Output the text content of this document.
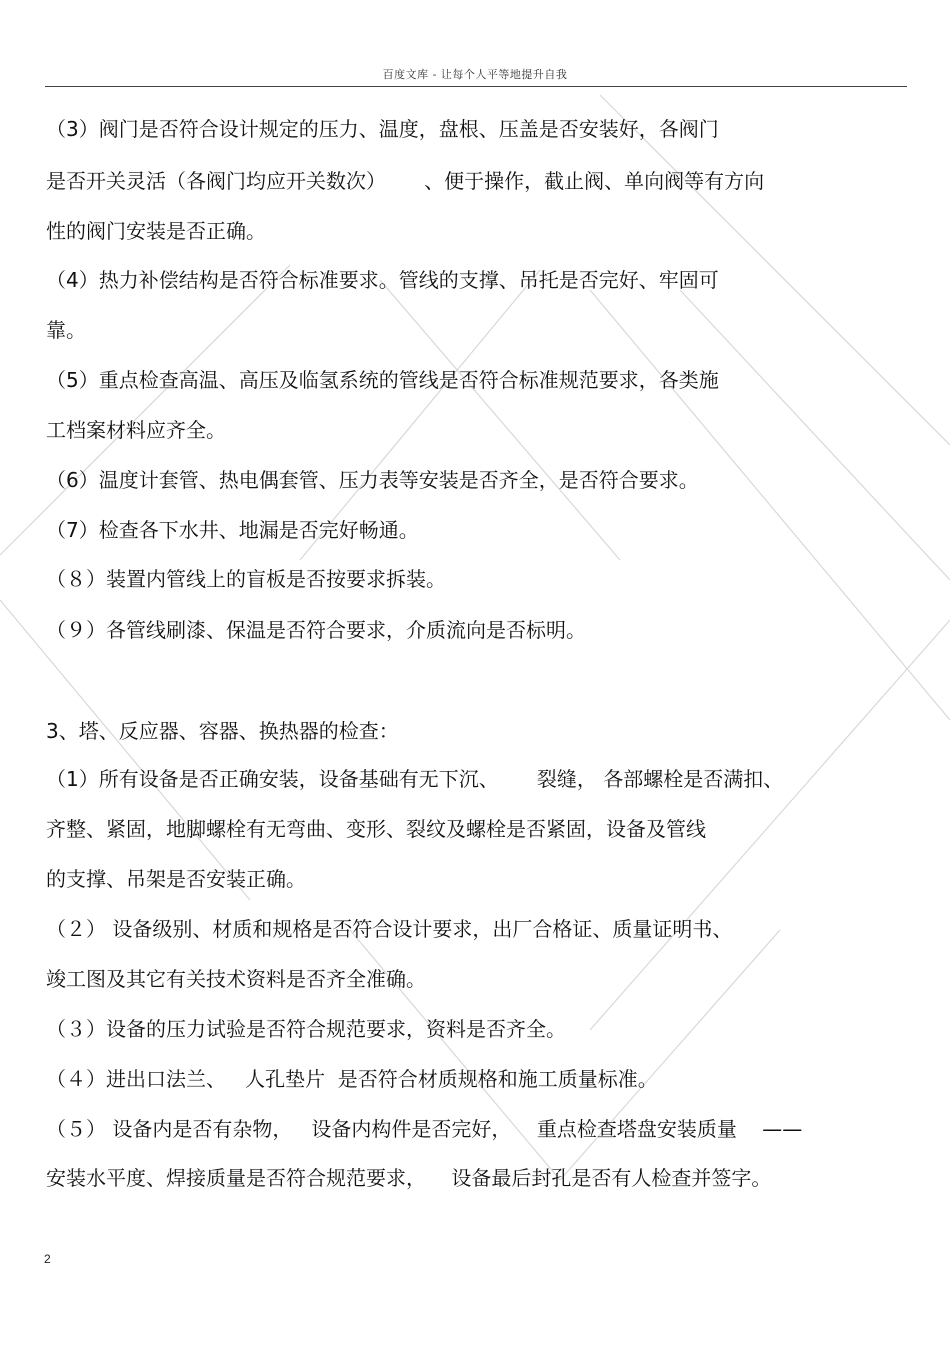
百度文库 - 让每个人平等地提升自我
（3）阀门是否符合设计规定的压力、温度，盘根、压盖是否安装好，各阀门
是否开关灵活（各阀门均应开关数次）      、便于操作，截止阀、单向阀等有方向
性的阀门安装是否正确。
（4）热力补偿结构是否符合标准要求。管线的支撑、吊托是否完好、牢固可
靠。
（5）重点检查高温、高压及临氢系统的管线是否符合标准规范要求，各类施
工档案材料应齐全。
（6）温度计套管、热电偶套管、压力表等安装是否齐全，是否符合要求。
（7）检查各下水井、地漏是否完好畅通。
（８）装置内管线上的盲板是否按要求拆装。
（９）各管线刷漆、保温是否符合要求，介质流向是否标明。
3、塔、反应器、容器、换热器的检查：
（1）所有设备是否正确安装，设备基础有无下沉、      裂缝， 各部螺栓是否满扣、
齐整、紧固，地脚螺栓有无弯曲、变形、裂纹及螺栓是否紧固，设备及管线
的支撑、吊架是否安装正确。
（２） 设备级别、材质和规格是否符合设计要求，出厂合格证、质量证明书、
竣工图及其它有关技术资料是否齐全准确。
（３）设备的压力试验是否符合规范要求，资料是否齐全。
（４）进出口法兰、   人孔垫片  是否符合材质规格和施工质量标准。
（５） 设备内是否有杂物，   设备内构件是否完好，    重点检查塔盘安装质量    ——
安装水平度、焊接质量是否符合规范要求，    设备最后封孔是否有人检查并签字。
2
